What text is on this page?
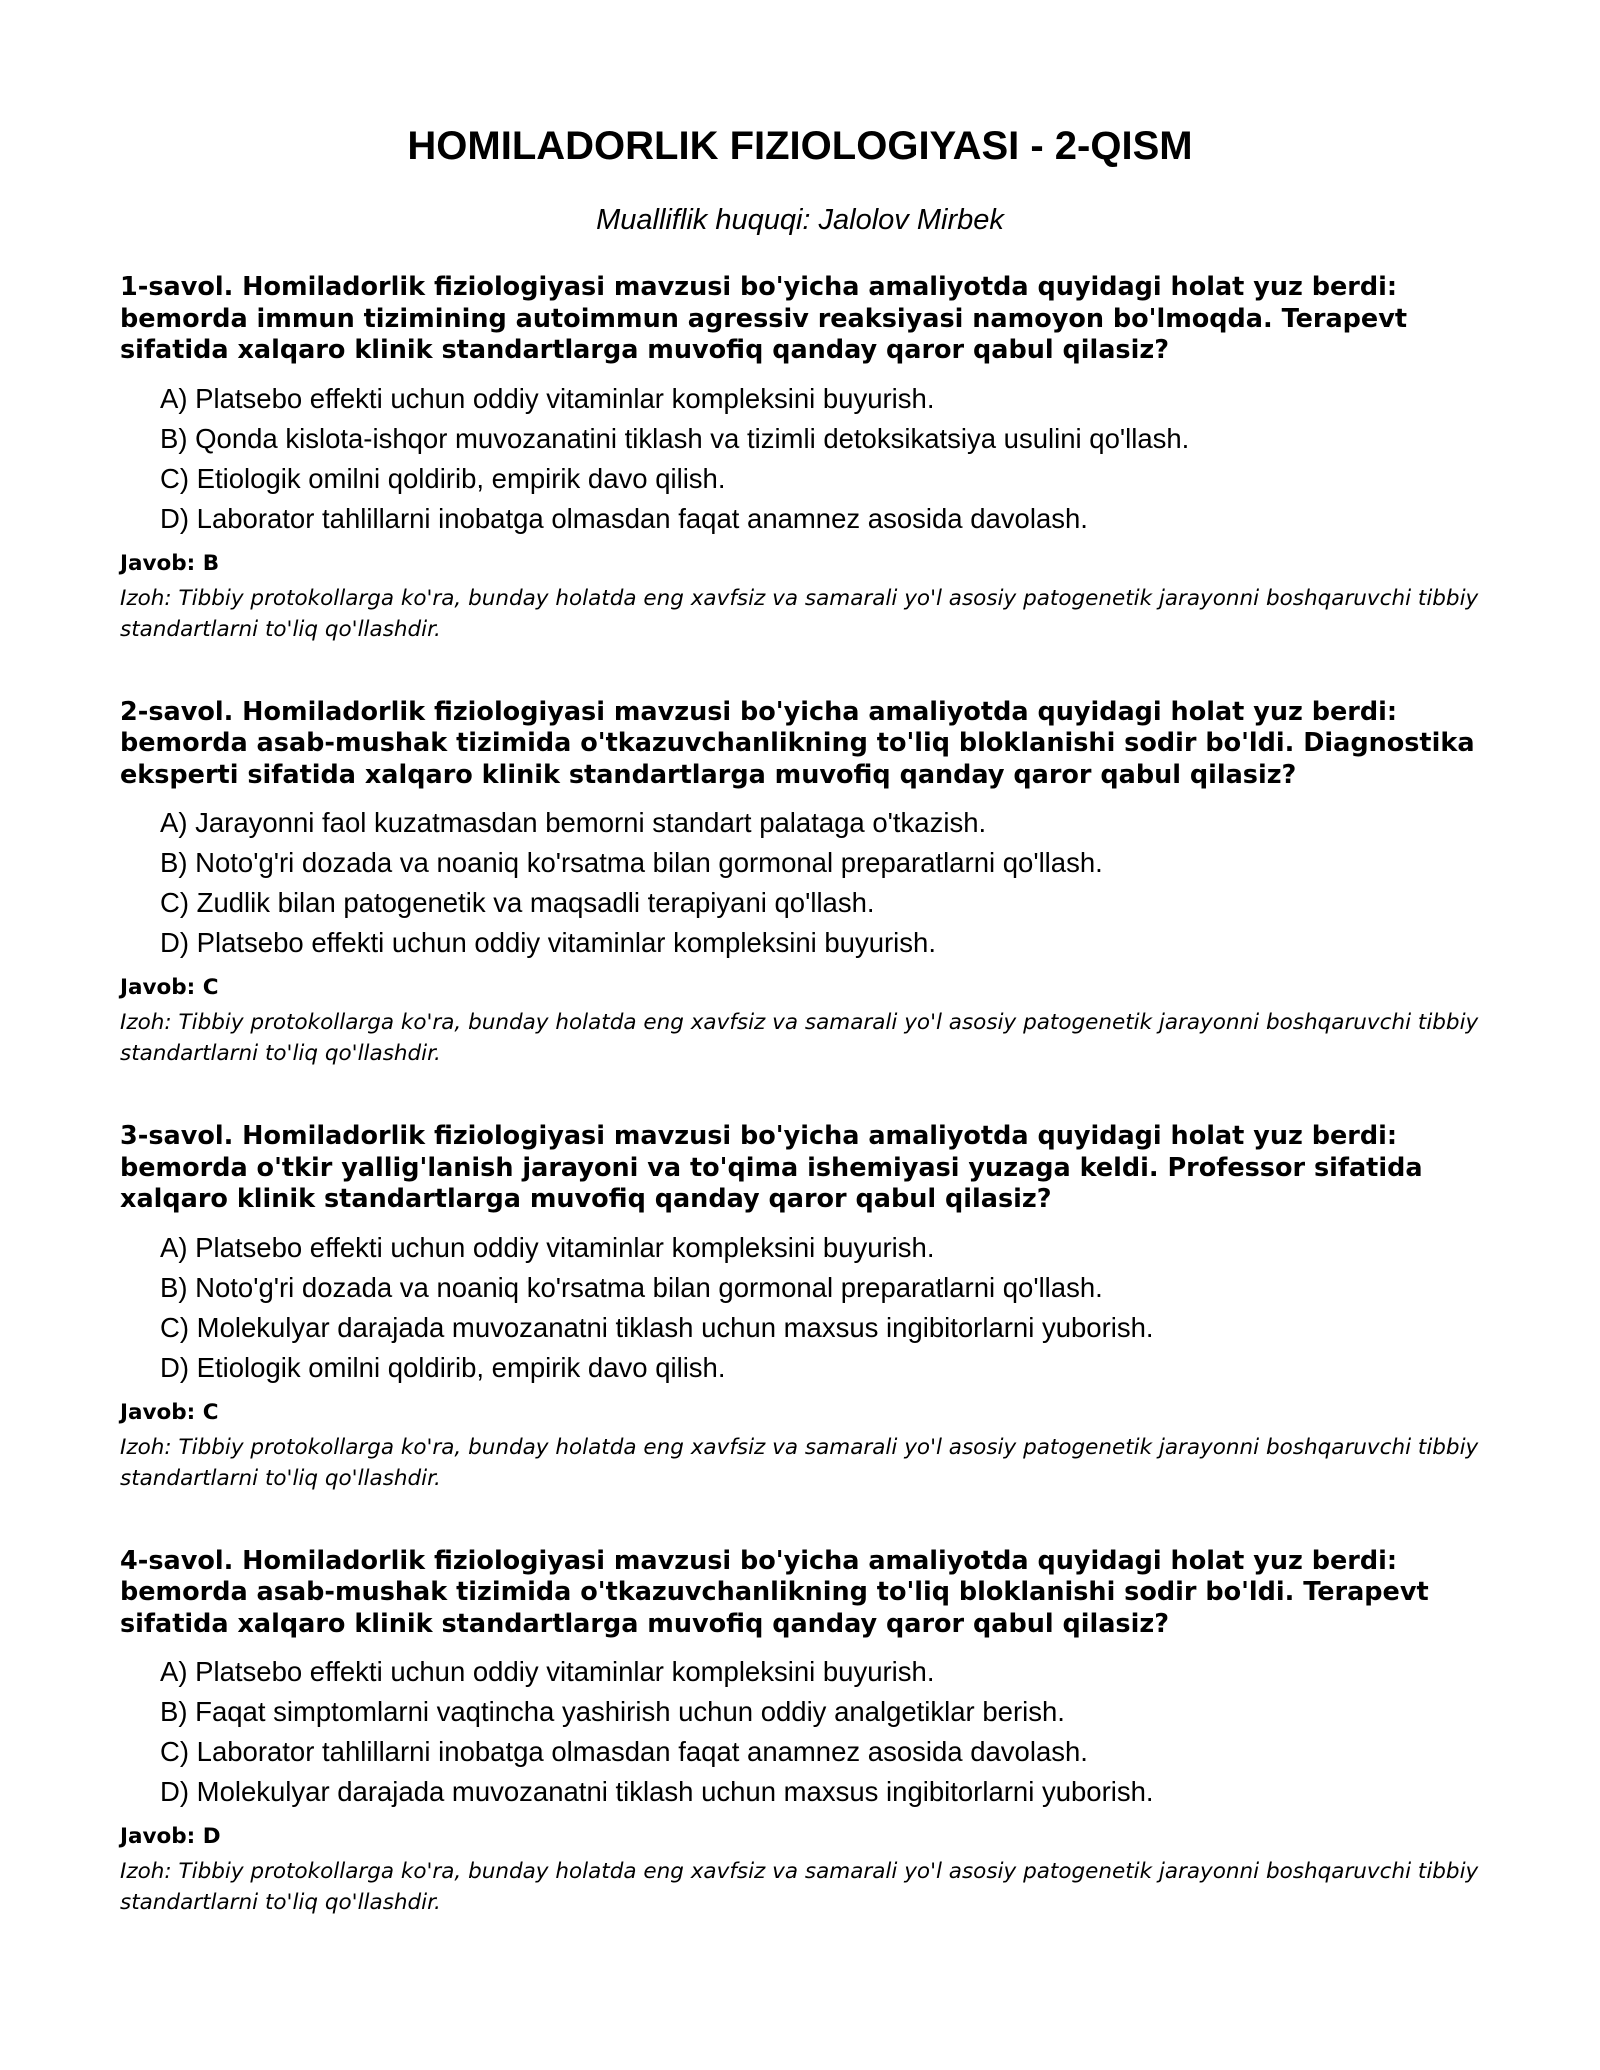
HOMILADORLIK FIZIOLOGIYASI - 2-QISM
Mualliflik huquqi: Jalolov Mirbek

1-savol. Homiladorlik fiziologiyasi mavzusi bo'yicha amaliyotda quyidagi holat yuz berdi: bemorda immun tizimining autoimmun agressiv reaksiyasi namoyon bo'lmoqda. Terapevt sifatida xalqaro klinik standartlarga muvofiq qanday qaror qabul qilasiz?

A) Platsebo effekti uchun oddiy vitaminlar kompleksini buyurish.
B) Qonda kislota-ishqor muvozanatini tiklash va tizimli detoksikatsiya usulini qo'llash.
C) Etiologik omilni qoldirib, empirik davo qilish.
D) Laborator tahlillarni inobatga olmasdan faqat anamnez asosida davolash.
Javob: B

Izoh: Tibbiy protokollarga ko'ra, bunday holatda eng xavfsiz va samarali yo'l asosiy patogenetik jarayonni boshqaruvchi tibbiy standartlarni to'liq qo'llashdir.

2-savol. Homiladorlik fiziologiyasi mavzusi bo'yicha amaliyotda quyidagi holat yuz berdi: bemorda asab-mushak tizimida o'tkazuvchanlikning to'liq bloklanishi sodir bo'ldi. Diagnostika eksperti sifatida xalqaro klinik standartlarga muvofiq qanday qaror qabul qilasiz?

A) Jarayonni faol kuzatmasdan bemorni standart palataga o'tkazish.
B) Noto'g'ri dozada va noaniq ko'rsatma bilan gormonal preparatlarni qo'llash.
C) Zudlik bilan patogenetik va maqsadli terapiyani qo'llash.
D) Platsebo effekti uchun oddiy vitaminlar kompleksini buyurish.
Javob: C

Izoh: Tibbiy protokollarga ko'ra, bunday holatda eng xavfsiz va samarali yo'l asosiy patogenetik jarayonni boshqaruvchi tibbiy standartlarni to'liq qo'llashdir.

3-savol. Homiladorlik fiziologiyasi mavzusi bo'yicha amaliyotda quyidagi holat yuz berdi: bemorda o'tkir yallig'lanish jarayoni va to'qima ishemiyasi yuzaga keldi. Professor sifatida xalqaro klinik standartlarga muvofiq qanday qaror qabul qilasiz?

A) Platsebo effekti uchun oddiy vitaminlar kompleksini buyurish.
B) Noto'g'ri dozada va noaniq ko'rsatma bilan gormonal preparatlarni qo'llash.
C) Molekulyar darajada muvozanatni tiklash uchun maxsus ingibitorlarni yuborish.
D) Etiologik omilni qoldirib, empirik davo qilish.
Javob: C

Izoh: Tibbiy protokollarga ko'ra, bunday holatda eng xavfsiz va samarali yo'l asosiy patogenetik jarayonni boshqaruvchi tibbiy standartlarni to'liq qo'llashdir.

4-savol. Homiladorlik fiziologiyasi mavzusi bo'yicha amaliyotda quyidagi holat yuz berdi: bemorda asab-mushak tizimida o'tkazuvchanlikning to'liq bloklanishi sodir bo'ldi. Terapevt sifatida xalqaro klinik standartlarga muvofiq qanday qaror qabul qilasiz?

A) Platsebo effekti uchun oddiy vitaminlar kompleksini buyurish.
B) Faqat simptomlarni vaqtincha yashirish uchun oddiy analgetiklar berish.
C) Laborator tahlillarni inobatga olmasdan faqat anamnez asosida davolash.
D) Molekulyar darajada muvozanatni tiklash uchun maxsus ingibitorlarni yuborish.
Javob: D

Izoh: Tibbiy protokollarga ko'ra, bunday holatda eng xavfsiz va samarali yo'l asosiy patogenetik jarayonni boshqaruvchi tibbiy standartlarni to'liq qo'llashdir.
